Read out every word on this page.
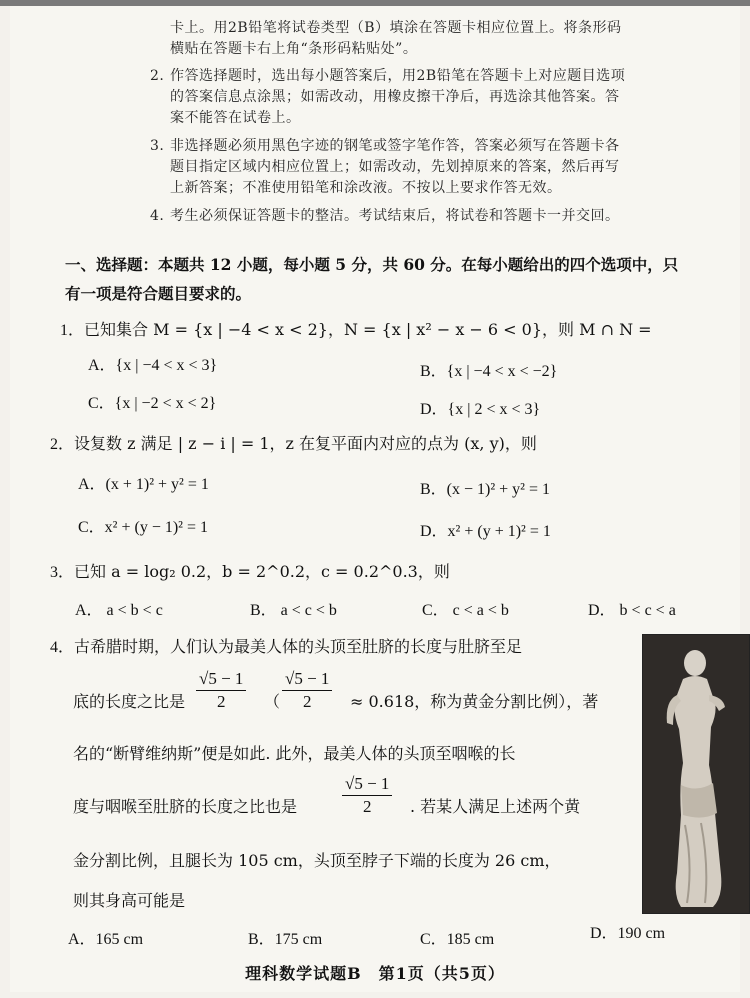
卡上。用2B铅笔将试卷类型（B）填涂在答题卡相应位置上。将条形码
横贴在答题卡右上角“条形码粘贴处”。
2. 作答选择题时，选出每小题答案后，用2B铅笔在答题卡上对应题目选项
的答案信息点涂黑；如需改动，用橡皮擦干净后，再选涂其他答案。答
案不能答在试卷上。
3. 非选择题必须用黑色字迹的钢笔或签字笔作答，答案必须写在答题卡各
题目指定区域内相应位置上；如需改动，先划掉原来的答案，然后再写
上新答案；不准使用铅笔和涂改液。不按以上要求作答无效。
4. 考生必须保证答题卡的整洁。考试结束后，将试卷和答题卡一并交回。
一、选择题：本题共 12 小题，每小题 5 分，共 60 分。在每小题给出的四个选项中，只
有一项是符合题目要求的。
1．已知集合 M = {x | −4 < x < 2}，N = {x | x² − x − 6 < 0}，则 M ∩ N =
A．{x | −4 < x < 3}	B．{x | −4 < x < −2}
C．{x | −2 < x < 2}	D．{x | 2 < x < 3}
2．设复数 z 满足 | z − i | = 1，z 在复平面内对应的点为 (x, y)，则
A．(x + 1)² + y² = 1	B．(x − 1)² + y² = 1
C．x² + (y − 1)² = 1	D．x² + (y + 1)² = 1
3．已知 a = log₂ 0.2，b = 2^0.2，c = 0.2^0.3，则
A． a < b < c	B． a < c < b	C． c < a < b	D． b < c < a
4．古希腊时期，人们认为最美人体的头顶至肚脐的长度与肚脐至足
底的长度之比是 $\frac{√5 - 1}{2}$ （ $\frac{√5 - 1}{2} \approx 0.618$，称为黄金分割比例），著
名的“断臂维纳斯”便是如此. 此外，最美人体的头顶至咽喉的长
度与咽喉至肚脐的长度之比也是	$\frac{√5 - 1}{2}$ . 若某人满足上述两个黄
金分割比例，且腿长为 105 cm，头顶至脖子下端的长度为 26 cm，
则其身高可能是
A．165 cm	B．175 cm	C．185 cm	D．190 cm
理科数学试题B　第1页（共5页）
